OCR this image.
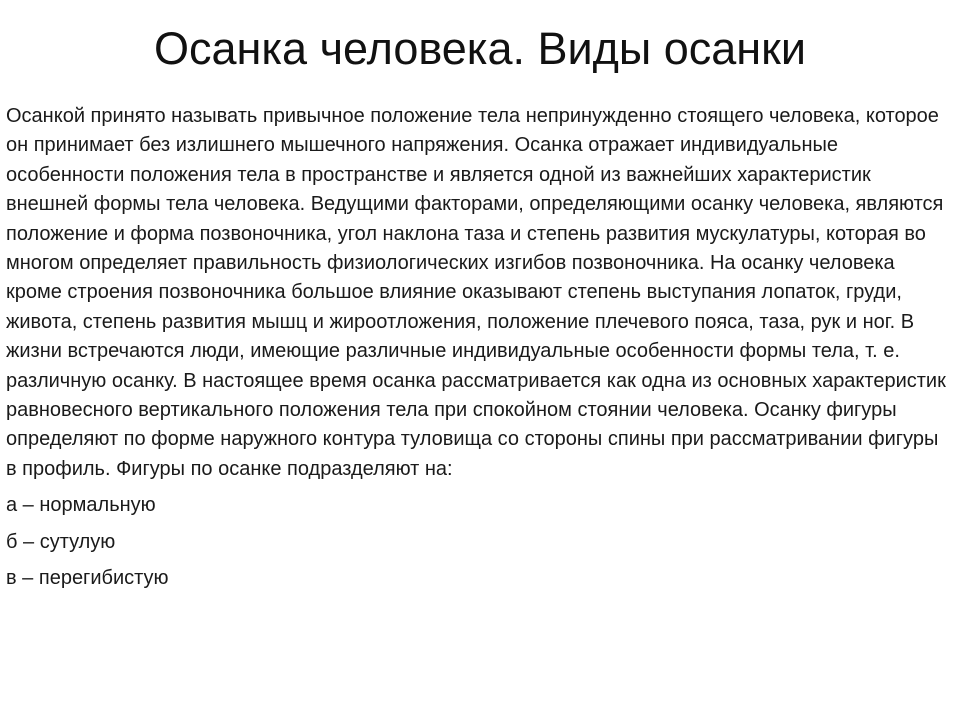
Осанка человека. Виды осанки

Осанкой принято называть привычное положение тела непринужденно стоящего человека, которое он принимает без излишнего мышечного напряжения. Осанка отражает индивидуальные особенности положения тела в пространстве и является одной из важнейших характеристик внешней формы тела человека. Ведущими факторами, определяющими осанку человека, являются положение и форма позвоночника, угол наклона таза и степень развития мускулатуры, которая во многом определяет правильность физиологических изгибов позвоночника. На осанку человека кроме строения позвоночника большое влияние оказывают степень выступания лопаток, груди, живота, степень развития мышц и жироотложения, положение плечевого пояса, таза, рук и ног. В жизни встречаются люди, имеющие различные индивидуальные особенности формы тела, т. е. различную осанку. В настоящее время осанка рассматривается как одна из основных характеристик равновесного вертикального положения тела при спокойном стоянии человека. Осанку фигуры определяют по форме наружного контура туловища со стороны спины при рассматривании фигуры в профиль. Фигуры по осанке подразделяют на:

а – нормальную
б – сутулую
в – перегибистую
